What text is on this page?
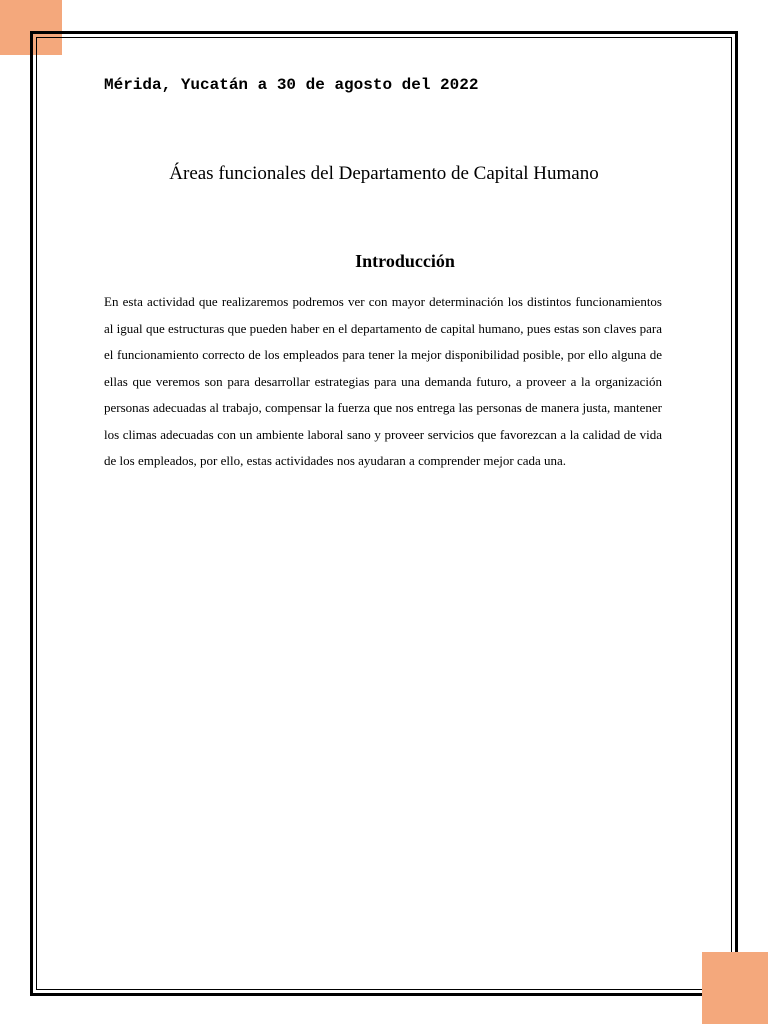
Mérida, Yucatán a 30 de agosto del 2022
Áreas funcionales del Departamento de Capital Humano
Introducción

En esta actividad que realizaremos podremos ver con mayor determinación los distintos funcionamientos al igual que estructuras que pueden haber en el departamento de capital humano, pues estas son claves para el funcionamiento correcto de los empleados para tener la mejor disponibilidad posible, por ello alguna de ellas que veremos son para desarrollar estrategias para una demanda futuro, a proveer a la organización personas adecuadas al trabajo, compensar la fuerza que nos entrega las personas de manera justa, mantener los climas adecuadas con un ambiente laboral sano y proveer servicios que favorezcan a la calidad de vida de los empleados, por ello, estas actividades nos ayudaran a comprender mejor cada una.
